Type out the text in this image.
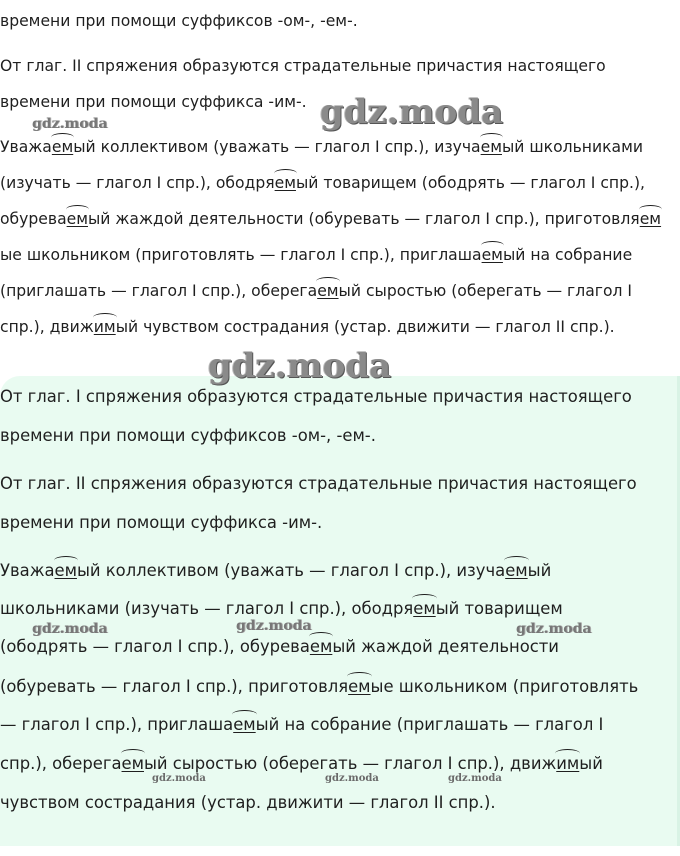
времени при помощи суффиксов -ом-, -ем-.
От глаг. II спряжения образуются страдательные причастия настоящего
времени при помощи суффикса -им-.
Уважаемый коллективом (уважать — глагол I спр.), изучаемый школьниками
(изучать — глагол I спр.), ободряемый товарищем (ободрять — глагол I спр.),
обуреваемый жаждой деятельности (обуревать — глагол I спр.), приготовляем
ые школьником (приготовлять — глагол I спр.), приглашаемый на собрание
(приглашать — глагол I спр.), оберегаемый сыростью (оберегать — глагол I
спр.), движимый чувством сострадания (устар. движити — глагол II спр.).
gdz.moda
gdz.moda
gdz.moda
От глаг. I спряжения образуются страдательные причастия настоящего
времени при помощи суффиксов -ом-, -ем-.
От глаг. II спряжения образуются страдательные причастия настоящего
времени при помощи суффикса -им-.
Уважаемый коллективом (уважать — глагол I спр.), изучаемый
школьниками (изучать — глагол I спр.), ободряемый товарищем
(ободрять — глагол I спр.), обуреваемый жаждой деятельности
(обуревать — глагол I спр.), приготовляемые школьником (приготовлять
— глагол I спр.), приглашаемый на собрание (приглашать — глагол I
спр.), оберегаемый сыростью (оберегать — глагол I спр.), движимый
чувством сострадания (устар. движити — глагол II спр.).
gdz.moda	gdz.moda	gdz.moda
gdz.moda	gdz.moda	gdz.moda
